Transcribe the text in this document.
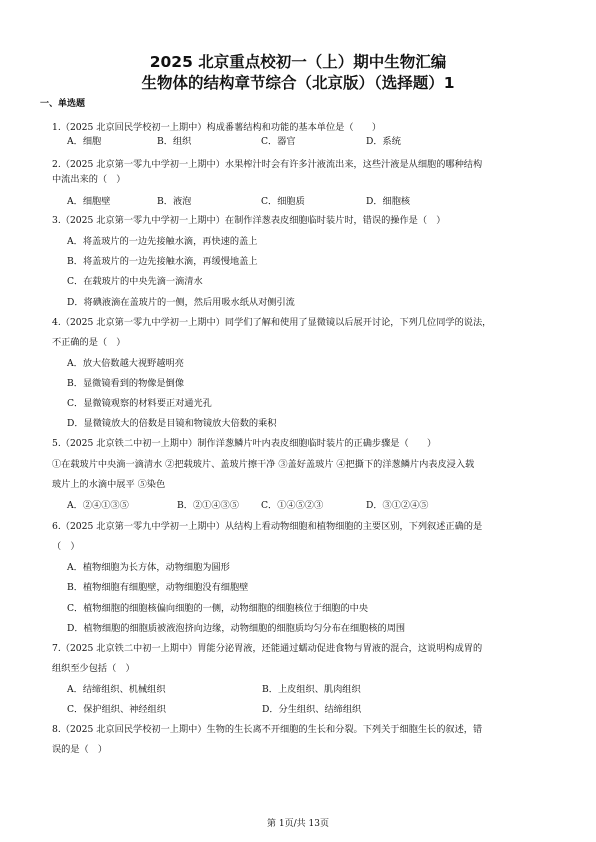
2025 北京重点校初一（上）期中生物汇编
生物体的结构章节综合（北京版）（选择题）1
一、单选题
1.（2025 北京回民学校初一上期中）构成番薯结构和功能的基本单位是（　　）
A．细胞	B．组织	C．器官	D．系统
2.（2025 北京第一零九中学初一上期中）水果榨汁时会有许多汁液流出来，这些汁液是从细胞的哪种结构
中流出来的（　）
A．细胞壁	B．液泡	C．细胞质	D．细胞核
3.（2025 北京第一零九中学初一上期中）在制作洋葱表皮细胞临时装片时，错误的操作是（　）
A．将盖玻片的一边先接触水滴，再快速的盖上
B．将盖玻片的一边先接触水滴，再缓慢地盖上
C．在载玻片的中央先滴一滴清水
D．将碘液滴在盖玻片的一侧，然后用吸水纸从对侧引流
4.（2025 北京第一零九中学初一上期中）同学们了解和使用了显微镜以后展开讨论，下列几位同学的说法，
不正确的是（　）
A．放大倍数越大视野越明亮
B．显微镜看到的物像是倒像
C．显微镜观察的材料要正对通光孔
D．显微镜放大的倍数是目镜和物镜放大倍数的乘积
5.（2025 北京铁二中初一上期中）制作洋葱鳞片叶内表皮细胞临时装片的正确步骤是（　　）
①在载玻片中央滴一滴清水 ②把载玻片、盖玻片擦干净 ③盖好盖玻片 ④把撕下的洋葱鳞片内表皮浸入载
玻片上的水滴中展平 ⑤染色
A．②④①③⑤	B．②①④③⑤ C．①④⑤②③	D．③①②④⑤
6.（2025 北京第一零九中学初一上期中）从结构上看动物细胞和植物细胞的主要区别，下列叙述正确的是
（　）
A．植物细胞为长方体，动物细胞为圆形
B．植物细胞有细胞壁，动物细胞没有细胞壁
C．植物细胞的细胞核偏向细胞的一侧，动物细胞的细胞核位于细胞的中央
D．植物细胞的细胞质被液泡挤向边缘，动物细胞的细胞质均匀分布在细胞核的周围
7.（2025 北京铁二中初一上期中）胃能分泌胃液，还能通过蠕动促进食物与胃液的混合，这说明构成胃的
组织至少包括（　）
A．结缔组织、机械组织	B．上皮组织、肌肉组织
C．保护组织、神经组织	D．分生组织、结缔组织
8.（2025 北京回民学校初一上期中）生物的生长离不开细胞的生长和分裂。下列关于细胞生长的叙述，错
误的是（　）
第 1页/共 13页
